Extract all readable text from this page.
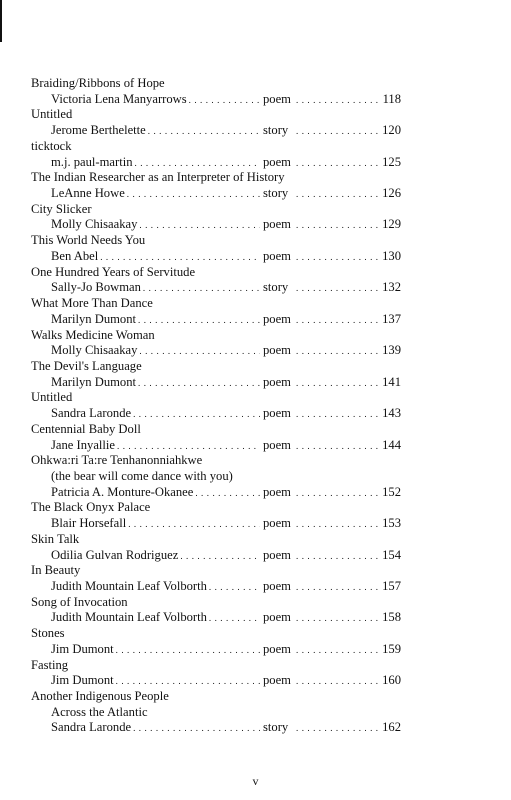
Braiding/Ribbons of Hope
Victoria Lena Manyarrows . . .	poem . . .	118
Untitled
Jerome Berthelette . . .	story . . .	120
ticktock
m.j. paul-martin . . .	poem . . .	125
The Indian Researcher as an Interpreter of History
LeAnne Howe . . .	story . . .	126
City Slicker
Molly Chisaakay . . .	poem . . .	129
This World Needs You
Ben Abel . . .	poem . . .	130
One Hundred Years of Servitude
Sally-Jo Bowman . . .	story . . .	132
What More Than Dance
Marilyn Dumont . . .	poem . . .	137
Walks Medicine Woman
Molly Chisaakay . . .	poem . . .	139
The Devil's Language
Marilyn Dumont . . .	poem . . .	141
Untitled
Sandra Laronde . . .	poem . . .	143
Centennial Baby Doll
Jane Inyallie . . .	poem . . .	144
Ohkwa:ri Ta:re Tenhanonniahkwe
(the bear will come dance with you)
Patricia A. Monture-Okanee . . .	poem . . .	152
The Black Onyx Palace
Blair Horsefall . . .	poem . . .	153
Skin Talk
Odilia Gulvan Rodriguez . . .	poem . . .	154
In Beauty
Judith Mountain Leaf Volborth . . .	poem . . .	157
Song of Invocation
Judith Mountain Leaf Volborth . . .	poem . . .	158
Stones
Jim Dumont . . .	poem . . .	159
Fasting
Jim Dumont . . .	poem . . .	160
Another Indigenous People
Across the Atlantic
Sandra Laronde . . .	story . . .	162
v
